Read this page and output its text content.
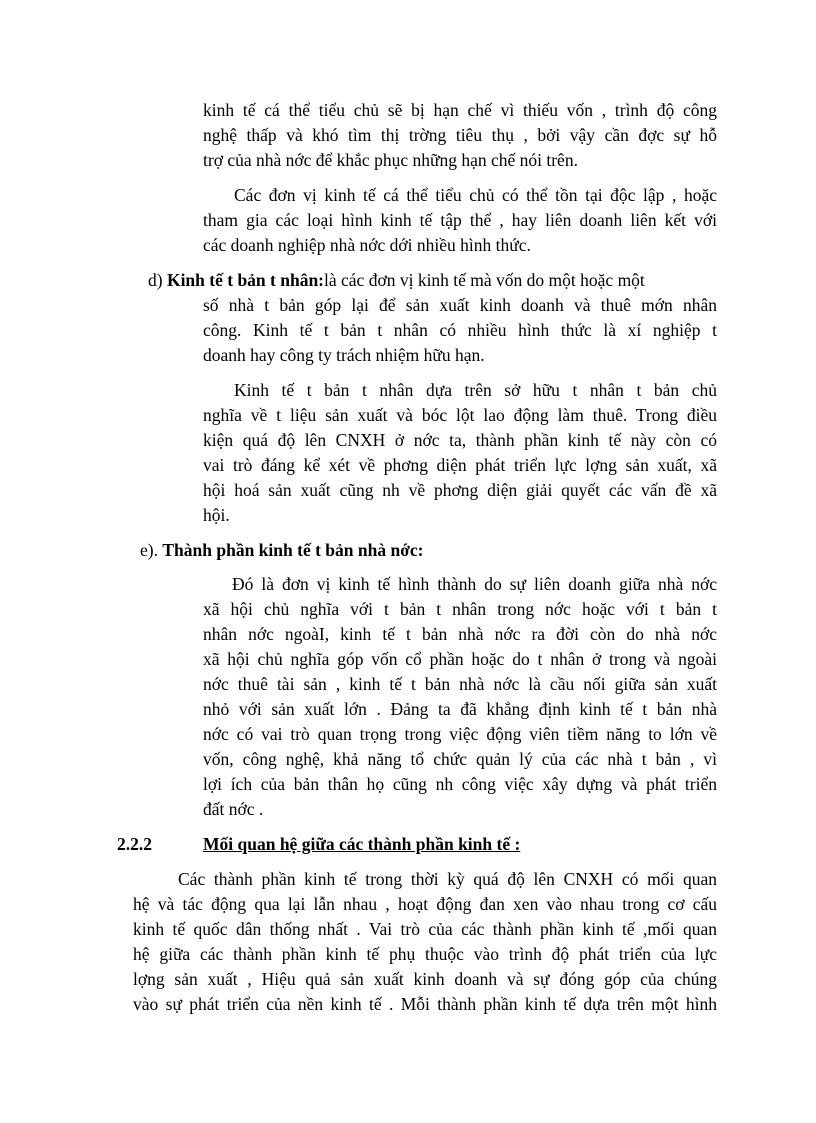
kinh tế cá thể tiểu chủ sẽ bị hạn chế vì thiếu vốn , trình độ công
nghệ thấp và khó tìm thị trờng tiêu thụ , bởi vậy cần đợc sự hỗ
trợ của nhà nớc để khắc phục những hạn chế nói trên.
Các đơn vị kinh tế cá thể tiểu chủ có thể tồn tại độc lập , hoặc
tham gia các loại hình kinh tế tập thể , hay liên doanh liên kết với
các doanh nghiệp nhà nớc dới nhiều hình thức.
d) Kinh tế t bản t nhân:là các đơn vị kinh tế mà vốn do một hoặc một
số nhà t bản góp lại để sản xuất kinh doanh và thuê mớn nhân
công. Kinh tế t bản t nhân có nhiều hình thức là xí nghiệp t
doanh hay công ty trách nhiệm hữu hạn.
Kinh tế t bản t nhân dựa trên sở hữu t nhân t bản chủ
nghĩa về t liệu sản xuất và bóc lột lao động làm thuê. Trong điều
kiện quá độ lên CNXH ở nớc ta, thành phần kinh tế này còn có
vai trò đáng kể xét về phơng diện phát triển lực lợng sản xuất, xã
hội hoá sản xuất cũng nh về phơng diện giải quyết các vấn đề xã
hội.
e). Thành phần kinh tế t bản nhà nớc:
Đó là đơn vị kinh tế hình thành do sự liên doanh giữa nhà nớc
xã hội chủ nghĩa với t bản t nhân trong nớc hoặc với t bản t
nhân nớc ngoàI, kinh tế t bản nhà nớc ra đời còn do nhà nớc
xã hội chủ nghĩa góp vốn cổ phần hoặc do t nhân ở trong và ngoài
nớc thuê tài sản , kinh tế t bản nhà nớc là cầu nối giữa sản xuất
nhỏ với sản xuất lớn . Đảng ta đã khẳng định kinh tế t bản nhà
nớc có vai trò quan trọng trong việc động viên tiềm năng to lớn về
vốn, công nghệ, khả năng tổ chức quản lý của các nhà t bản , vì
lợi ích của bản thân họ cũng nh công việc xây dựng và phát triển
đất nớc .
2.2.2	Mối quan hệ giữa các thành phần kinh tế :
Các thành phần kinh tế trong thời kỳ quá độ lên CNXH có mối quan
hệ và tác động qua lại lẫn nhau , hoạt động đan xen vào nhau trong cơ cấu
kinh tế quốc dân thống nhất . Vai trò của các thành phần kinh tế ,mối quan
hệ giữa các thành phần kinh tế phụ thuộc vào trình độ phát triển của lực
lợng sản xuất , Hiệu quả sản xuất kinh doanh và sự đóng góp của chúng
vào sự phát triển của nền kinh tế . Mỗi thành phần kinh tế dựa trên một hình
